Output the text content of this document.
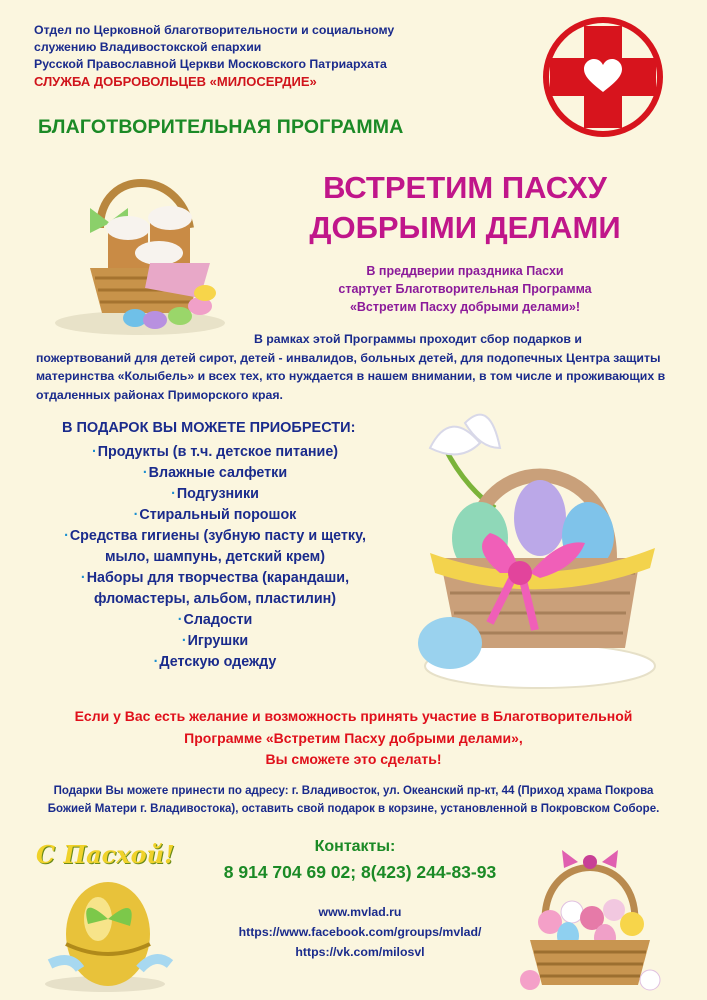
Отдел по Церковной благотворительности и социальному
служению Владивостокской епархии
Русской Православной Церкви Московского Патриархата
СЛУЖБА ДОБРОВОЛЬЦЕВ «МИЛОСЕРДИЕ»
БЛАГОТВОРИТЕЛЬНАЯ ПРОГРАММА
ВСТРЕТИМ ПАСХУ
ДОБРЫМИ ДЕЛАМИ
В преддверии праздника Пасхи
стартует Благотворительная Программа
«Встретим Пасху добрыми делами»!
В рамках этой Программы проходит сбор подарков и пожертвований для детей сирот, детей - инвалидов, больных детей, для подопечных Центра защиты материнства «Колыбель» и всех тех, кто нуждается в нашем внимании, в том числе и проживающих в отдаленных районах Приморского края.
В ПОДАРОК ВЫ МОЖЕТЕ ПРИОБРЕСТИ:
·Продукты (в т.ч. детское питание)
·Влажные салфетки
·Подгузники
·Стиральный порошок
·Средства гигиены (зубную пасту и щетку,
мыло, шампунь, детский крем)
·Наборы для творчества (карандаши,
фломастеры, альбом, пластилин)
·Сладости
·Игрушки
·Детскую одежду
Если у Вас есть желание и возможность принять участие в Благотворительной
Программе «Встретим Пасху добрыми делами»,
Вы сможете это сделать!
Подарки Вы можете принести по адресу: г. Владивосток, ул. Океанский пр-кт, 44 (Приход храма Покрова
Божией Матери г. Владивостока), оставить свой подарок в корзине, установленной в Покровском Соборе.
С Пасхой!	Контакты:
8 914 704 69 02; 8(423) 244-83-93
www.mvlad.ru
https://www.facebook.com/groups/mvlad/
https://vk.com/milosvl
